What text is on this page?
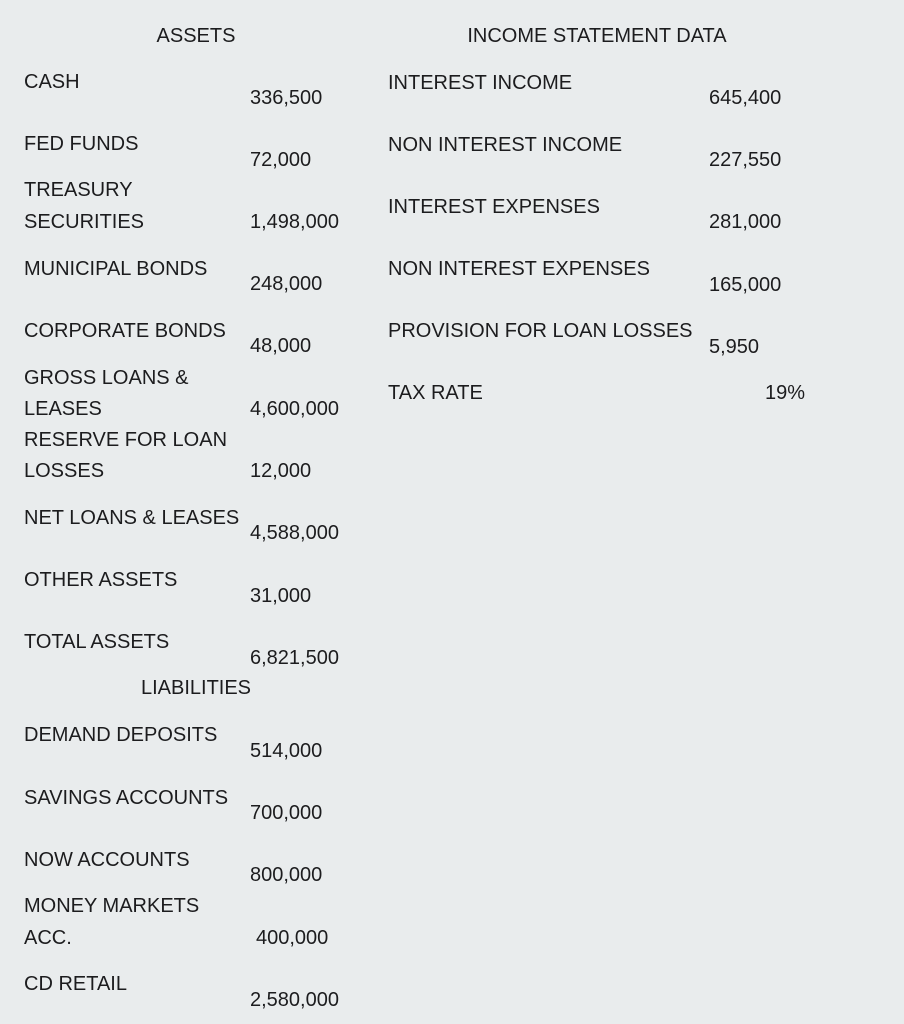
ASSETS
CASH
336,500
FED FUNDS
72,000
TREASURY
SECURITIES	1,498,000
MUNICIPAL BONDS
248,000
CORPORATE BONDS
48,000
GROSS LOANS &
LEASES	4,600,000
RESERVE FOR LOAN
LOSSES	12,000
NET LOANS & LEASES
4,588,000
OTHER ASSETS
31,000
TOTAL ASSETS
6,821,500
LIABILITIES
DEMAND DEPOSITS
514,000
SAVINGS ACCOUNTS
700,000
NOW ACCOUNTS
800,000
MONEY MARKETS
ACC.	400,000
CD RETAIL
2,580,000
INCOME STATEMENT DATA
INTEREST INCOME
645,400
NON INTEREST INCOME
227,550
INTEREST EXPENSES
281,000
NON INTEREST EXPENSES
165,000
PROVISION FOR LOAN LOSSES
5,950
TAX RATE	19%
